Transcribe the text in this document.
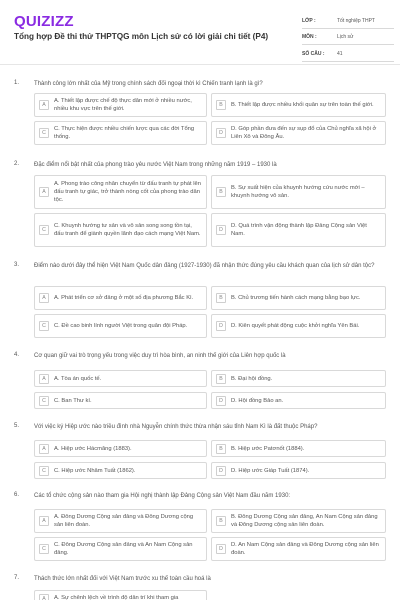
QUIZIZZ
Tổng hợp Đề thi thử THPTQG môn Lịch sử có lời giải chi tiết (P4)
LỚP :	Tốt nghiệp THPT
MÔN :	Lịch sử
SỐ CÂU :	41
1.	Thành công lớn nhất của Mỹ trong chính sách đối ngoại thời kì Chiến tranh lạnh là gì?
A
A. Thiết lập được chế độ thực dân mới ở nhiều nước, nhiều khu vực trên thế giới.
B	B. Thiết lập được nhiều khối quân sự trên toàn thế giới.
C
C. Thực hiện được nhiều chiến lược qua các đời Tổng thống.
D
D. Góp phần đưa đến sự sụp đổ của Chủ nghĩa xã hội ở Liên Xô và Đông Âu.
2.	Đặc điểm nổi bật nhất của phong trào yêu nước Việt Nam trong những năm 1919 – 1930 là
A
A. Phong trào công nhân chuyển từ đấu tranh tự phát lên đấu tranh tự giác, trở thành nòng cốt của phong trào dân tộc.
B
B. Sự xuất hiện của khuynh hướng cứu nước mới – khuynh hướng vô sản.
C
C. Khuynh hướng tư sản và vô sản song song tồn tại, đấu tranh để giành quyền lãnh đạo cách mạng Việt Nam.
D
D. Quá trình vận động thành lập Đảng Cộng sản Việt Nam.
3.	Điểm nào dưới đây thể hiện Việt Nam Quốc dân đảng (1927-1930) đã nhận thức đúng yêu cầu khách quan của lịch sử dân tộc?
A	A. Phát triển cơ sở đảng ở một số địa phương Bắc Kì.	B	B. Chủ trương tiến hành cách mạng bằng bạo lực.
C	C. Đề cao binh lính người Việt trong quân đội Pháp.	D	D. Kiên quyết phát động cuộc khởi nghĩa Yên Bái.
4.	Cơ quan giữ vai trò trọng yếu trong việc duy trì hòa bình, an ninh thế giới của Liên hợp quốc là
A	A. Tòa án quốc tế.	B	B. Đại hội đồng.
C	C. Ban Thư kí.	D	D. Hội đồng Bảo an.
5.	Với việc ký Hiệp ước nào triều đình nhà Nguyễn chính thức thừa nhận sáu tỉnh Nam Kì là đất thuộc Pháp?
A	A. Hiệp ước Hácmăng (1883).	B	B. Hiệp ước Patơnốt (1884).
C	C. Hiệp ước Nhâm Tuất (1862).	D	D. Hiệp ước Giáp Tuất (1874).
6.	Các tổ chức cộng sản nào tham gia Hội nghị thành lập Đảng Cộng sản Việt Nam đầu năm 1930:
A
A. Đông Dương Cộng sản đảng và Đông Dương cộng sản liên đoàn.
B
B. Đông Dương Cộng sản đảng, An Nam Cộng sản đảng và Đông Dương cộng sản liên đoàn.
C
C. Đông Dương Cộng sản đảng và An Nam Cộng sản đảng.
D
D. An Nam Cộng sản đảng và Đông Dương cộng sản liên đoàn.
7.	Thách thức lớn nhất đối với Việt Nam trước xu thế toàn cầu hoá là
A	A. Sự chênh lệch về trình độ dân trí khi tham gia
